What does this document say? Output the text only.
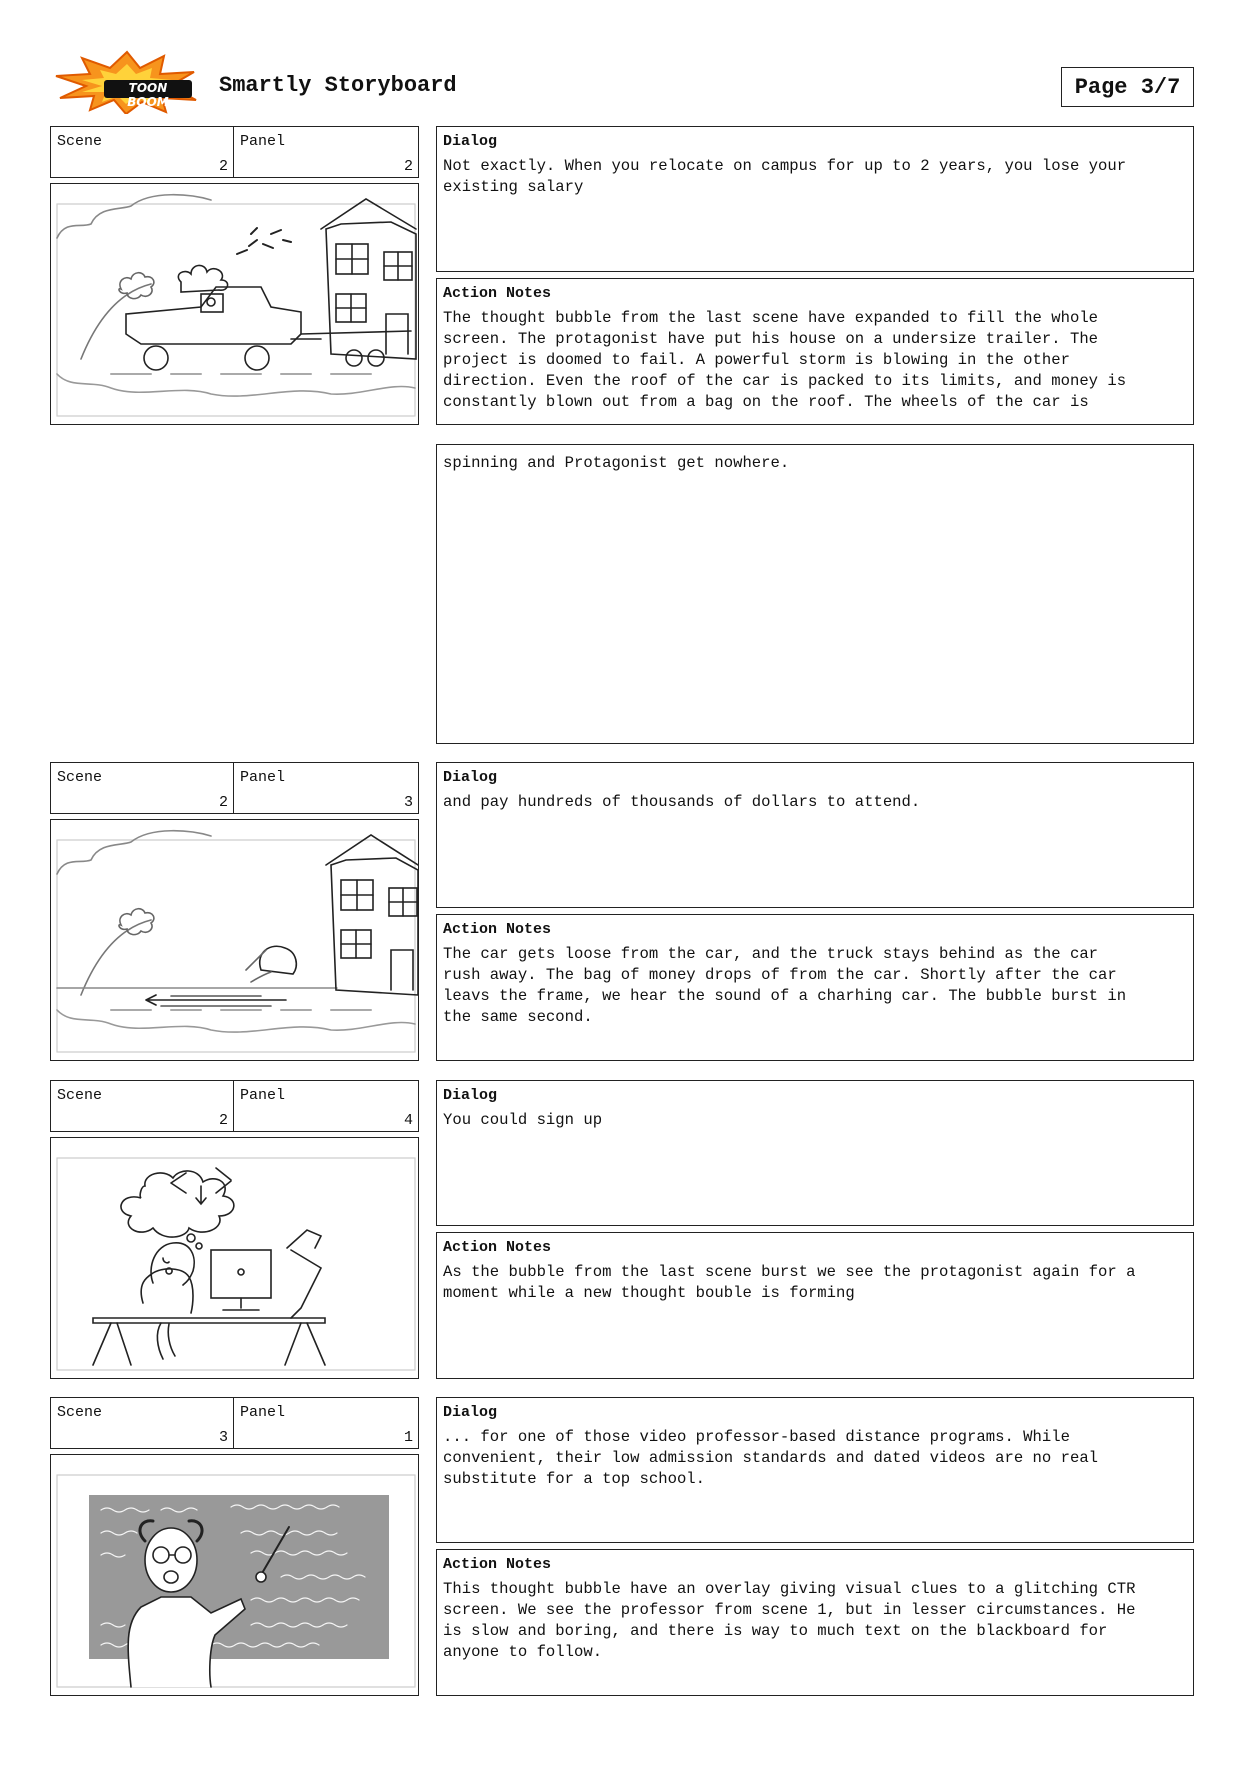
TOON BOOM
Smartly Storyboard	Page 3/7
Scene
2
Panel
2
Dialog
Not exactly. When you relocate on campus for up to 2 years, you lose your
existing salary
Action Notes
The thought bubble from the last scene have expanded to fill the whole
screen. The protagonist have put his house on a undersize trailer. The
project is doomed to fail. A powerful storm is blowing in the other
direction. Even the roof of the car is packed to its limits, and money is
constantly blown out from a bag on the roof. The wheels of the car is
spinning and Protagonist get nowhere.
Scene
2
Panel
3
Dialog
and pay hundreds of thousands of dollars to attend.
Action Notes
The car gets loose from the car, and the truck stays behind as the car
rush away. The bag of money drops of from the car. Shortly after the car
leavs the frame, we hear the sound of a charhing car. The bubble burst in
the same second.
Scene
2
Panel
4
Dialog
You could sign up
Action Notes
As the bubble from the last scene burst we see the protagonist again for a
moment while a new thought bouble is forming
Scene
3
Panel
1
Dialog
... for one of those video professor-based distance programs. While
convenient, their low admission standards and dated videos are no real
substitute for a top school.
Action Notes
This thought bubble have an overlay giving visual clues to a glitching CTR
screen. We see the professor from scene 1, but in lesser circumstances. He
is slow and boring, and there is way to much text on the blackboard for
anyone to follow.
